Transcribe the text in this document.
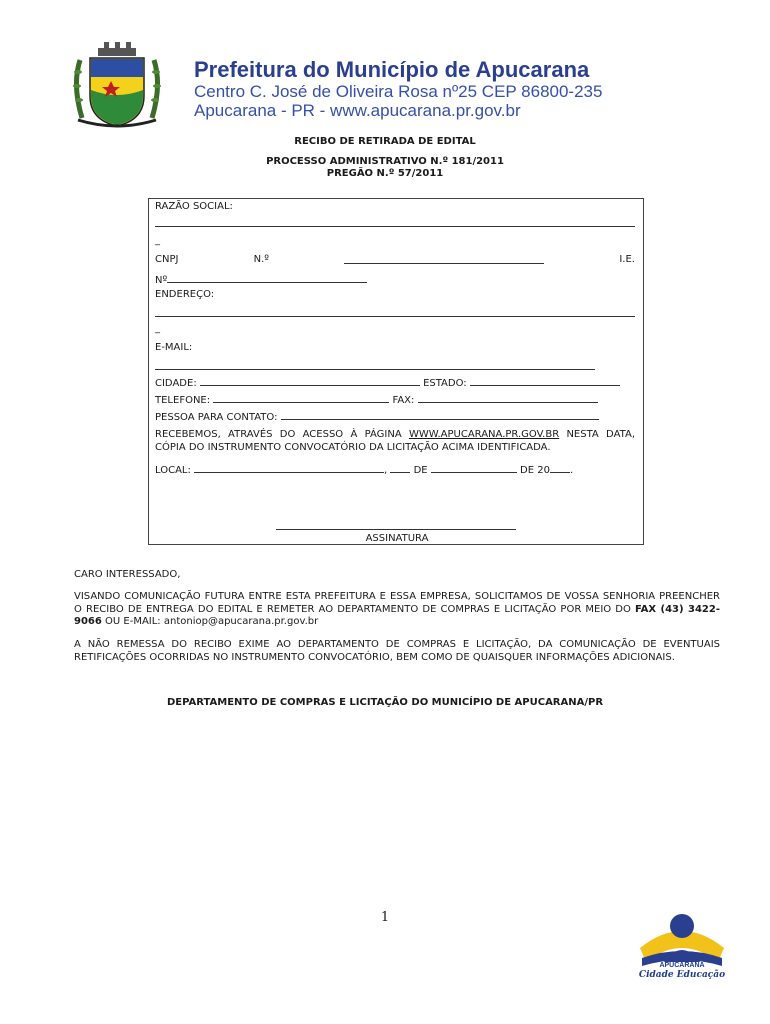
Prefeitura do Município de Apucarana
Centro C. José de Oliveira Rosa nº25 CEP 86800-235
Apucarana - PR - www.apucarana.pr.gov.br
RECIBO DE RETIRADA DE EDITAL
PROCESSO ADMINISTRATIVO N.º 181/2011
PREGÃO N.º 57/2011
RAZÃO SOCIAL:
_
CNPJ	N.º	I.E.
Nº
ENDEREÇO:
_
E-MAIL:
CIDADE:	ESTADO:
TELEFONE:	FAX:
PESSOA PARA CONTATO:
RECEBEMOS, ATRAVÉS DO ACESSO À PÁGINA WWW.APUCARANA.PR.GOV.BR NESTA DATA, CÓPIA DO INSTRUMENTO CONVOCATÓRIO DA LICITAÇÃO ACIMA IDENTIFICADA.
LOCAL:	,	DE	DE 20 .
ASSINATURA
CARO INTERESSADO,
VISANDO COMUNICAÇÃO FUTURA ENTRE ESTA PREFEITURA E ESSA EMPRESA, SOLICITAMOS DE VOSSA SENHORIA PREENCHER O RECIBO DE ENTREGA DO EDITAL E REMETER AO DEPARTAMENTO DE COMPRAS E LICITAÇÃO POR MEIO DO FAX (43) 3422-9066 OU E-MAIL: antoniop@apucarana.pr.gov.br
A NÃO REMESSA DO RECIBO EXIME AO DEPARTAMENTO DE COMPRAS E LICITAÇÃO, DA COMUNICAÇÃO DE EVENTUAIS RETIFICAÇÕES OCORRIDAS NO INSTRUMENTO CONVOCATÓRIO, BEM COMO DE QUAISQUER INFORMAÇÕES ADICIONAIS.
DEPARTAMENTO DE COMPRAS E LICITAÇÃO DO MUNICÍPIO DE APUCARANA/PR
1
APUCARANA
Cidade Educação
